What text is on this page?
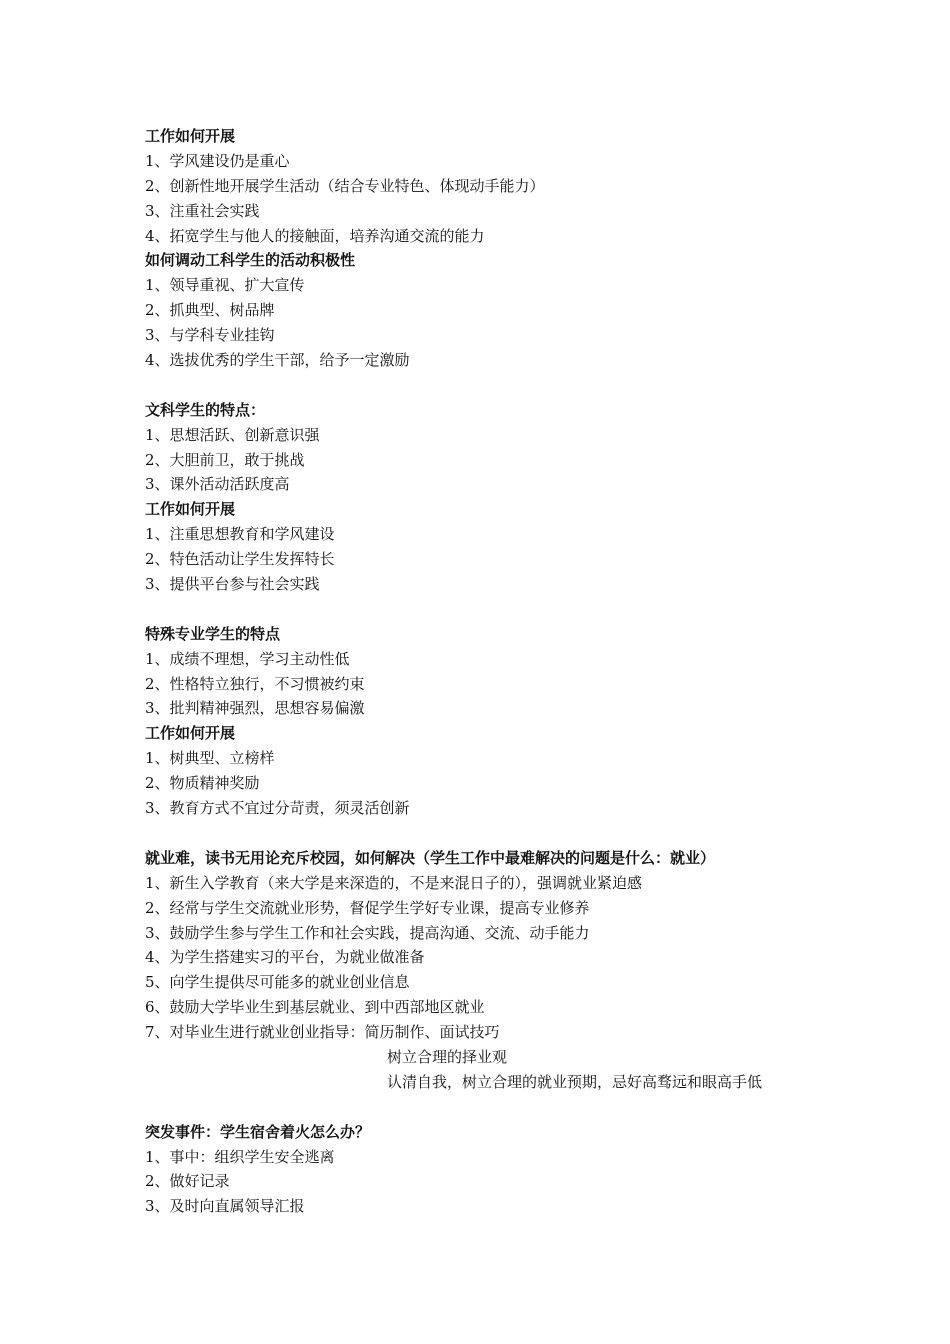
工作如何开展
1、学风建设仍是重心
2、创新性地开展学生活动（结合专业特色、体现动手能力）
3、注重社会实践
4、拓宽学生与他人的接触面，培养沟通交流的能力
如何调动工科学生的活动积极性
1、领导重视、扩大宣传
2、抓典型、树品牌
3、与学科专业挂钩
4、选拔优秀的学生干部，给予一定激励
文科学生的特点：
1、思想活跃、创新意识强
2、大胆前卫，敢于挑战
3、课外活动活跃度高
工作如何开展
1、注重思想教育和学风建设
2、特色活动让学生发挥特长
3、提供平台参与社会实践
特殊专业学生的特点
1、成绩不理想，学习主动性低
2、性格特立独行，不习惯被约束
3、批判精神强烈，思想容易偏激
工作如何开展
1、树典型、立榜样
2、物质精神奖励
3、教育方式不宜过分苛责，须灵活创新
就业难，读书无用论充斥校园，如何解决（学生工作中最难解决的问题是什么：就业）
1、新生入学教育（来大学是来深造的，不是来混日子的），强调就业紧迫感
2、经常与学生交流就业形势，督促学生学好专业课，提高专业修养
3、鼓励学生参与学生工作和社会实践，提高沟通、交流、动手能力
4、为学生搭建实习的平台，为就业做准备
5、向学生提供尽可能多的就业创业信息
6、鼓励大学毕业生到基层就业、到中西部地区就业
7、对毕业生进行就业创业指导：简历制作、面试技巧
树立合理的择业观
认清自我，树立合理的就业预期，忌好高骛远和眼高手低
突发事件：学生宿舍着火怎么办？
1、事中：组织学生安全逃离
2、做好记录
3、及时向直属领导汇报
